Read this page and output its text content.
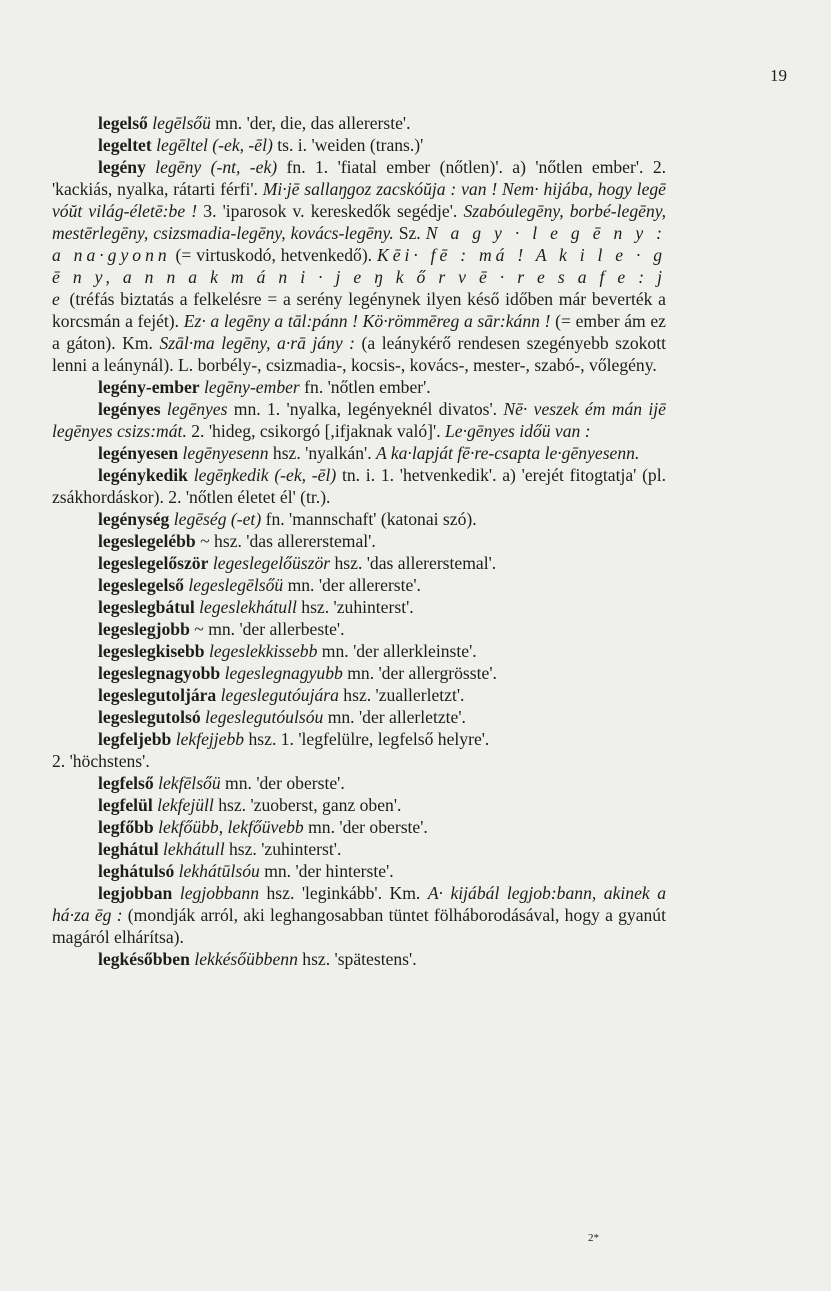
19

legelső legēlsőü mn. 'der, die, das allererste'.

legeltet legēltel (-ek, -ēl) ts. i. 'weiden (trans.)'

legény legēny (-nt, -ek) fn. 1. 'fiatal ember (nőtlen)'. a) 'nőtlen ember'. 2. 'kackiás, nyalka, rátarti férfi'. Mi·jē sallaŋgoz zacskóŭja : van ! Nem· hijába, hogy legē vóŭt világ-életē:be ! 3. 'iparosok v. kereskedők segédje'. Szabóulegēny, borbé-legēny, mestērlegēny, csizsmadia-legēny, kovács-legēny. Sz. N a g y · l e g ē n y : a na·gyonn (= virtuskodó, hetvenkedő). Kēi· fē : má ! A k i l e · g ē n y, a n n a k m á n i · j e ŋ k ő r v ē · r e s a f e : j e (tréfás biztatás a felkelésre = a serény legénynek ilyen késő időben már beverték a korcsmán a fejét). Ez· a legēny a tāl:pánn ! Kö·römmēreg a sār:kánn ! (= ember ám ez a gáton). Km. Szāl·ma legēny, a·rā jány : (a leánykérő rendesen szegényebb szokott lenni a leánynál). L. borbély-, csizmadia-, kocsis-, kovács-, mester-, szabó-, vőlegény.

legény-ember legēny-ember fn. 'nőtlen ember'.

legényes legēnyes mn. 1. 'nyalka, legényeknél divatos'. Nē· veszek ém mán ijē legēnyes csizs:mát. 2. 'hideg, csikorgó [,ifjaknak való]'. Le·gēnyes időü van :

legényesen legēnyesenn hsz. 'nyalkán'. A ka·lapját fē·re-csapta le·gēnyesenn.

legénykedik legēŋkedik (-ek, -ēl) tn. i. 1. 'hetvenkedik'. a) 'erejét fitogtatja' (pl. zsákhordáskor). 2. 'nőtlen életet él' (tr.).

legénység legēség (-et) fn. 'mannschaft' (katonai szó).

legeslegelébb ~ hsz. 'das allererstemal'.

legeslegelőször legeslegelőüször hsz. 'das allererstemal'.

legeslegelső legeslegēlsőü mn. 'der allererste'.

legeslegbátul legeslekhátull hsz. 'zuhinterst'.

legeslegjobb ~ mn. 'der allerbeste'.

legeslegkisebb legeslekkissebb mn. 'der allerkleinste'.

legeslegnagyobb legeslegnagyubb mn. 'der allergrösste'.

legeslegutoljára legeslegutóujára hsz. 'zuallerletzt'.

legeslegutolsó legeslegutóulsóu mn. 'der allerletzte'.

legfeljebb lekfejjebb hsz. 1. 'legfelülre, legfelső helyre'.

2. 'höchstens'.

legfelső lekfēlsőü mn. 'der oberste'.

legfelül lekfejüll hsz. 'zuoberst, ganz oben'.

legfőbb lekfőübb, lekfőüvebb mn. 'der oberste'.

leghátul lekhátull hsz. 'zuhinterst'.

leghátulsó lekhátūlsóu mn. 'der hinterste'.

legjobban legjobbann hsz. 'leginkább'. Km. A· kijábál legjob:bann, akinek a há·za ēg : (mondják arról, aki leghangosabban tüntet fölháborodásával, hogy a gyanút magáról elhárítsa).

legkésőbben lekkésőübbenn hsz. 'spätestens'.

2*
